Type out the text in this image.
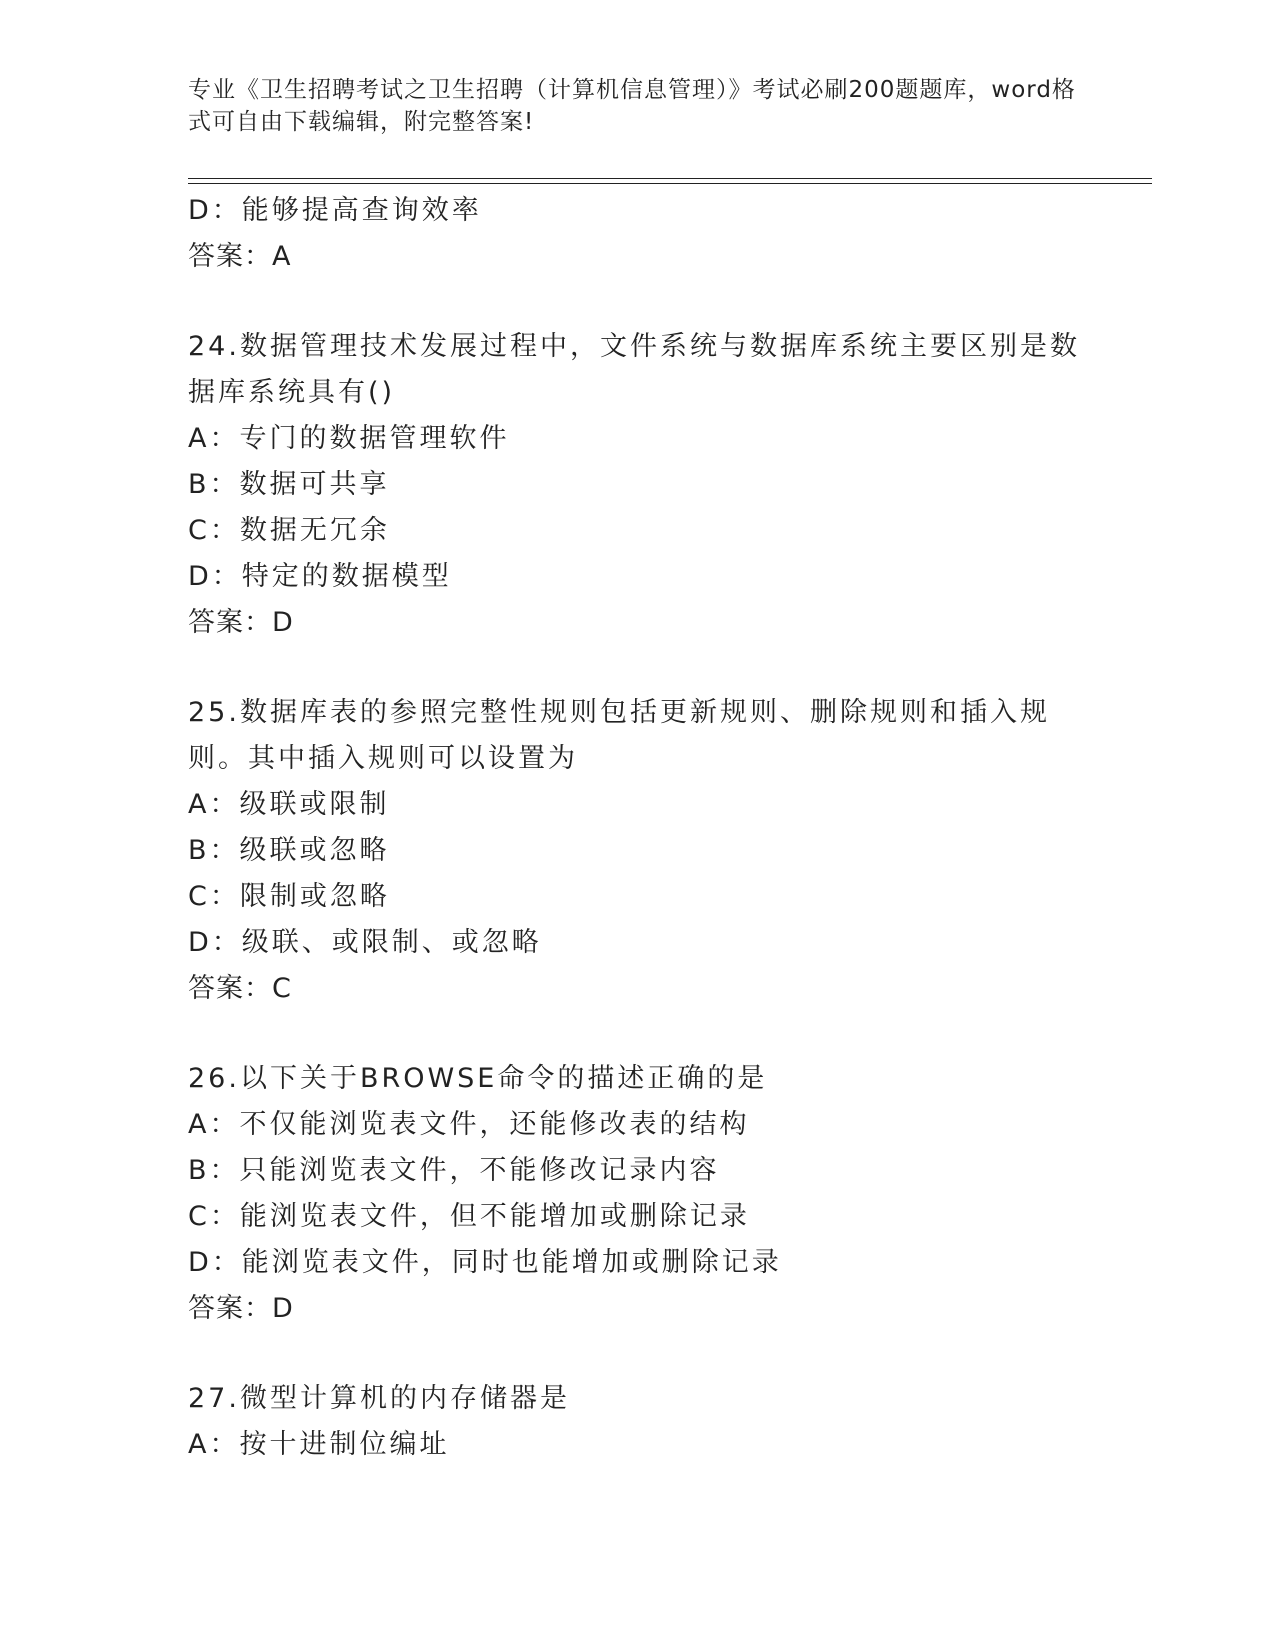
专业《卫生招聘考试之卫生招聘（计算机信息管理）》考试必刷200题题库，word格式可自由下载编辑，附完整答案!
D：能够提高查询效率
答案：A
24.数据管理技术发展过程中，文件系统与数据库系统主要区别是数据库系统具有()
A：专门的数据管理软件
B：数据可共享
C：数据无冗余
D：特定的数据模型
答案：D
25.数据库表的参照完整性规则包括更新规则、删除规则和插入规则。其中插入规则可以设置为
A：级联或限制
B：级联或忽略
C：限制或忽略
D：级联、或限制、或忽略
答案：C
26.以下关于BROWSE命令的描述正确的是
A：不仅能浏览表文件，还能修改表的结构
B：只能浏览表文件，不能修改记录内容
C：能浏览表文件，但不能增加或删除记录
D：能浏览表文件，同时也能增加或删除记录
答案：D
27.微型计算机的内存储器是
A：按十进制位编址
